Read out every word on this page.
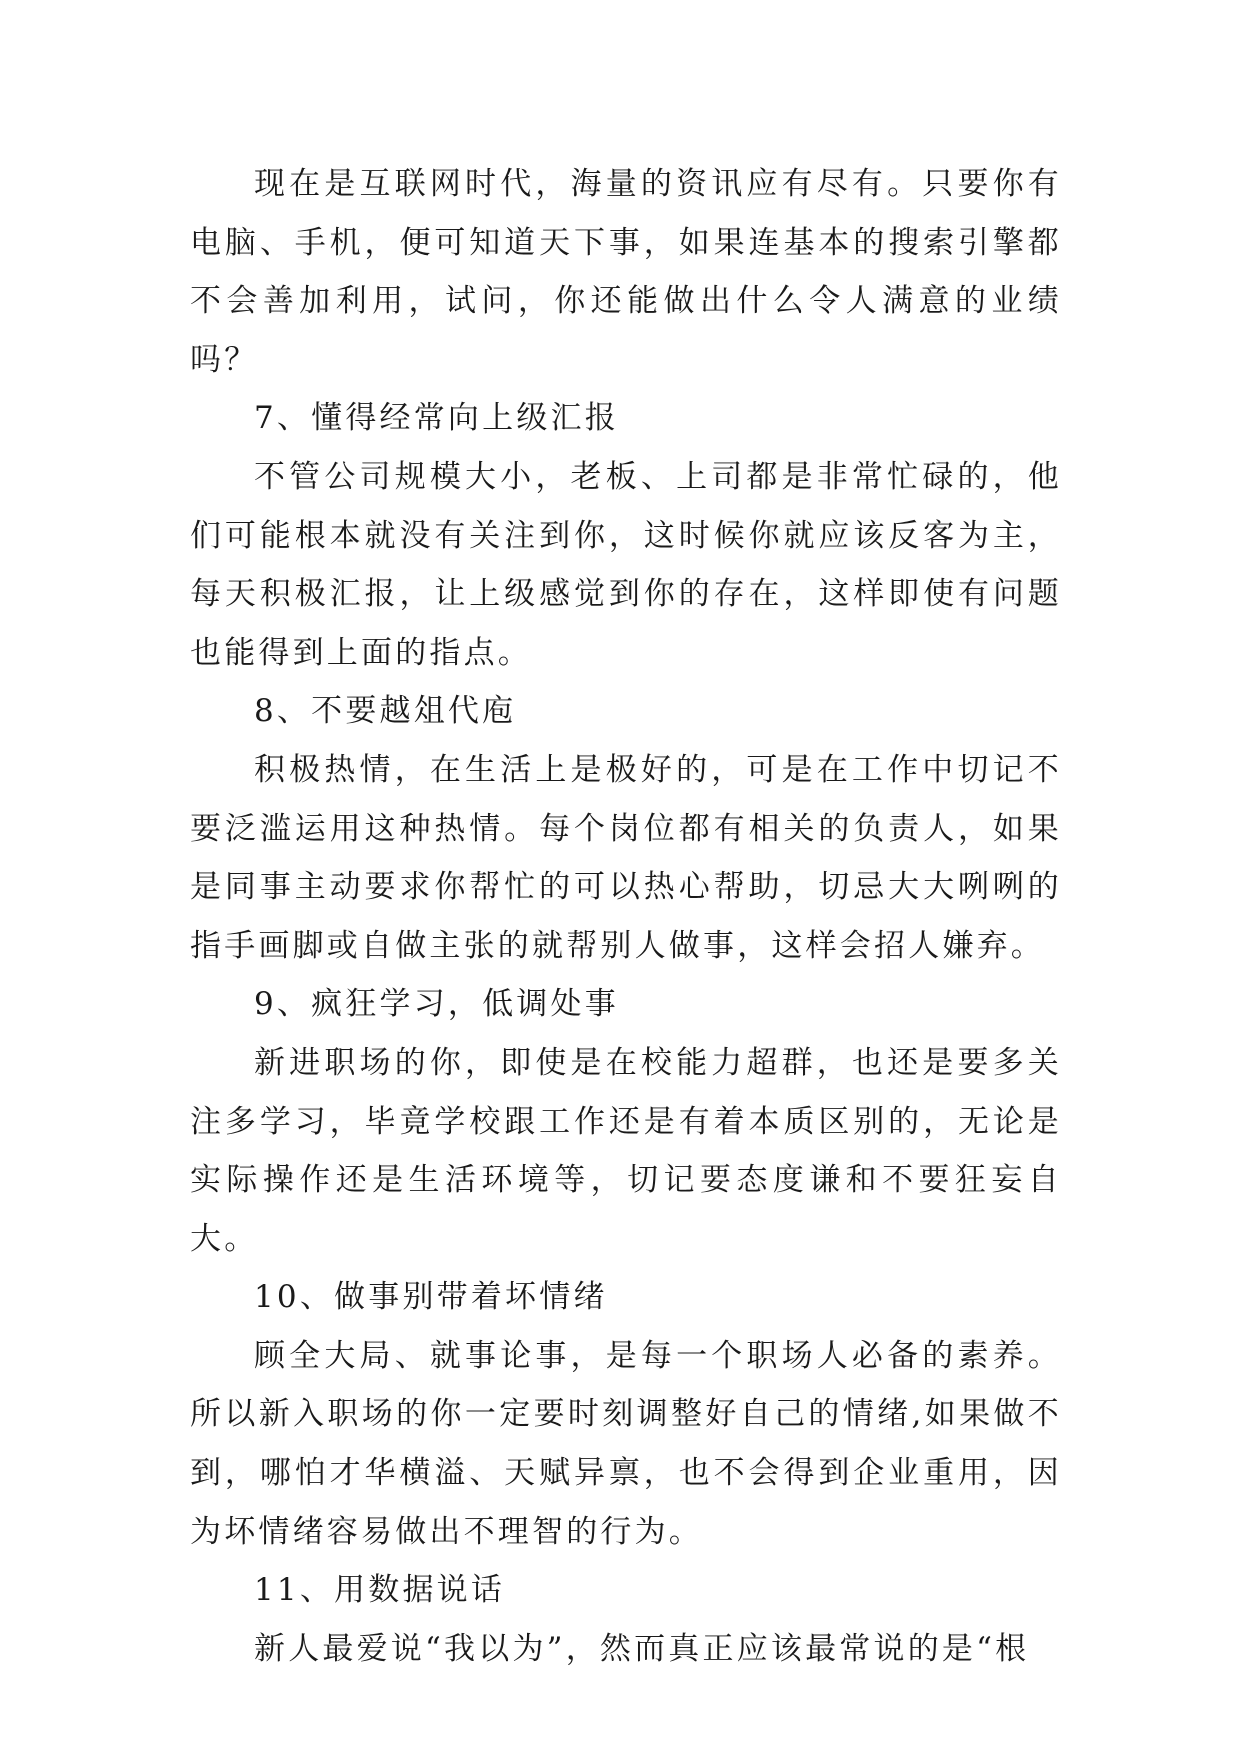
现在是互联网时代，海量的资讯应有尽有。只要你有电脑、手机，便可知道天下事，如果连基本的搜索引擎都不会善加利用，试问，你还能做出什么令人满意的业绩吗？

7、懂得经常向上级汇报

不管公司规模大小，老板、上司都是非常忙碌的，他们可能根本就没有关注到你，这时候你就应该反客为主，每天积极汇报，让上级感觉到你的存在，这样即使有问题也能得到上面的指点。

8、不要越俎代庖

积极热情，在生活上是极好的，可是在工作中切记不要泛滥运用这种热情。每个岗位都有相关的负责人，如果是同事主动要求你帮忙的可以热心帮助，切忌大大咧咧的指手画脚或自做主张的就帮别人做事，这样会招人嫌弃。

9、疯狂学习，低调处事

新进职场的你，即使是在校能力超群，也还是要多关注多学习，毕竟学校跟工作还是有着本质区别的，无论是实际操作还是生活环境等，切记要态度谦和不要狂妄自大。

10、做事别带着坏情绪

顾全大局、就事论事，是每一个职场人必备的素养。所以新入职场的你一定要时刻调整好自己的情绪,如果做不到，哪怕才华横溢、天赋异禀，也不会得到企业重用，因为坏情绪容易做出不理智的行为。

11、用数据说话

新人最爱说“我以为”，然而真正应该最常说的是“根
